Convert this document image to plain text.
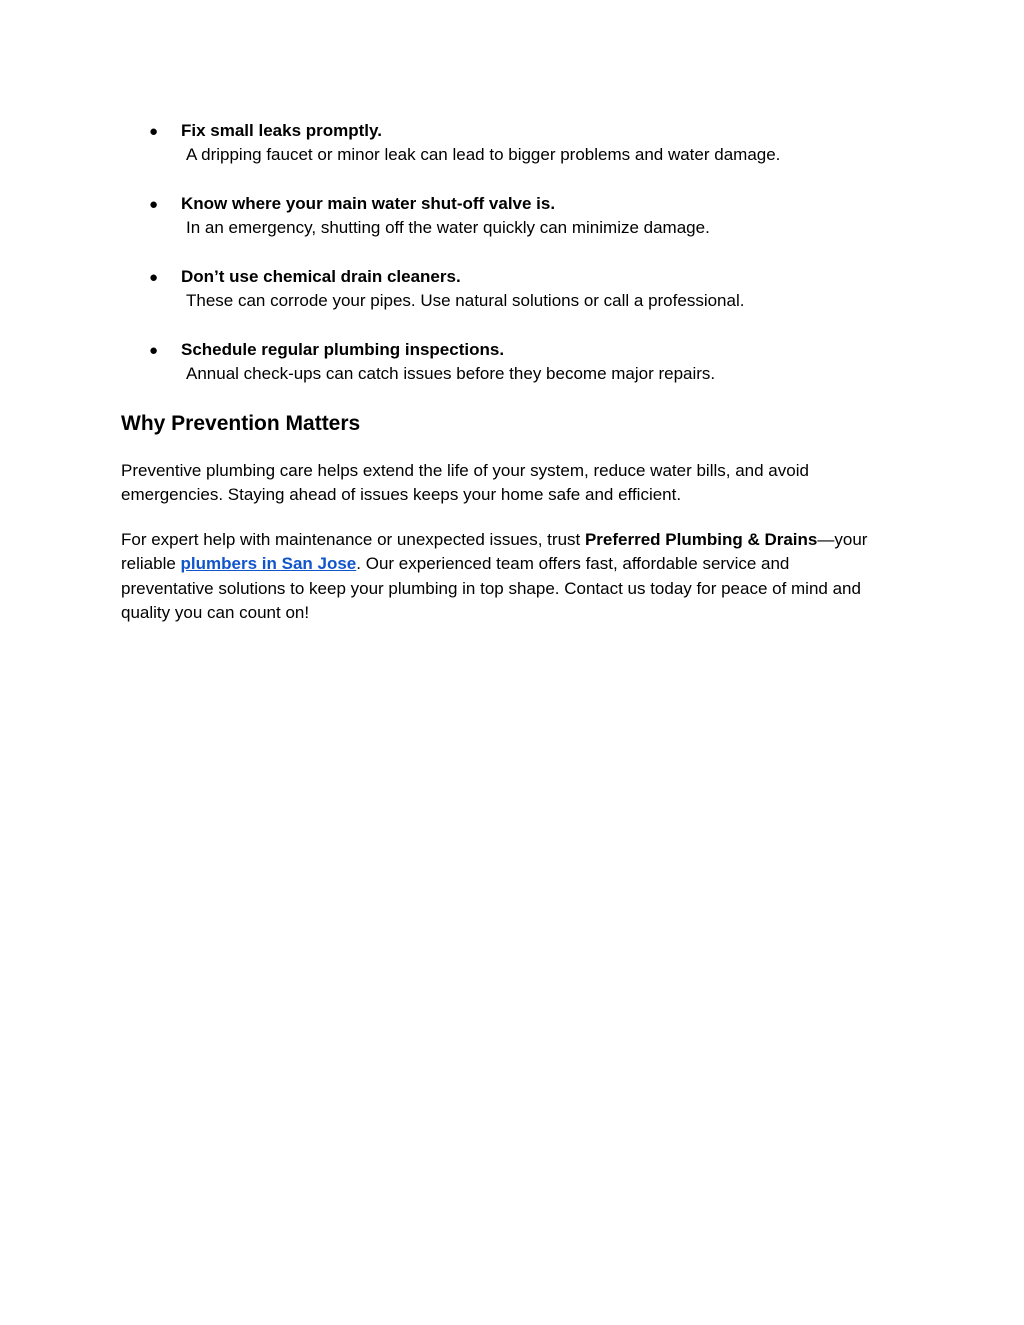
● Fix small leaks promptly.
A dripping faucet or minor leak can lead to bigger problems and water damage.
● Know where your main water shut-off valve is.
In an emergency, shutting off the water quickly can minimize damage.
● Don’t use chemical drain cleaners.
These can corrode your pipes. Use natural solutions or call a professional.
● Schedule regular plumbing inspections.
Annual check-ups can catch issues before they become major repairs.
Why Prevention Matters

Preventive plumbing care helps extend the life of your system, reduce water bills, and avoid emergencies. Staying ahead of issues keeps your home safe and efficient.

For expert help with maintenance or unexpected issues, trust Preferred Plumbing & Drains—your reliable plumbers in San Jose. Our experienced team offers fast, affordable service and preventative solutions to keep your plumbing in top shape. Contact us today for peace of mind and quality you can count on!
